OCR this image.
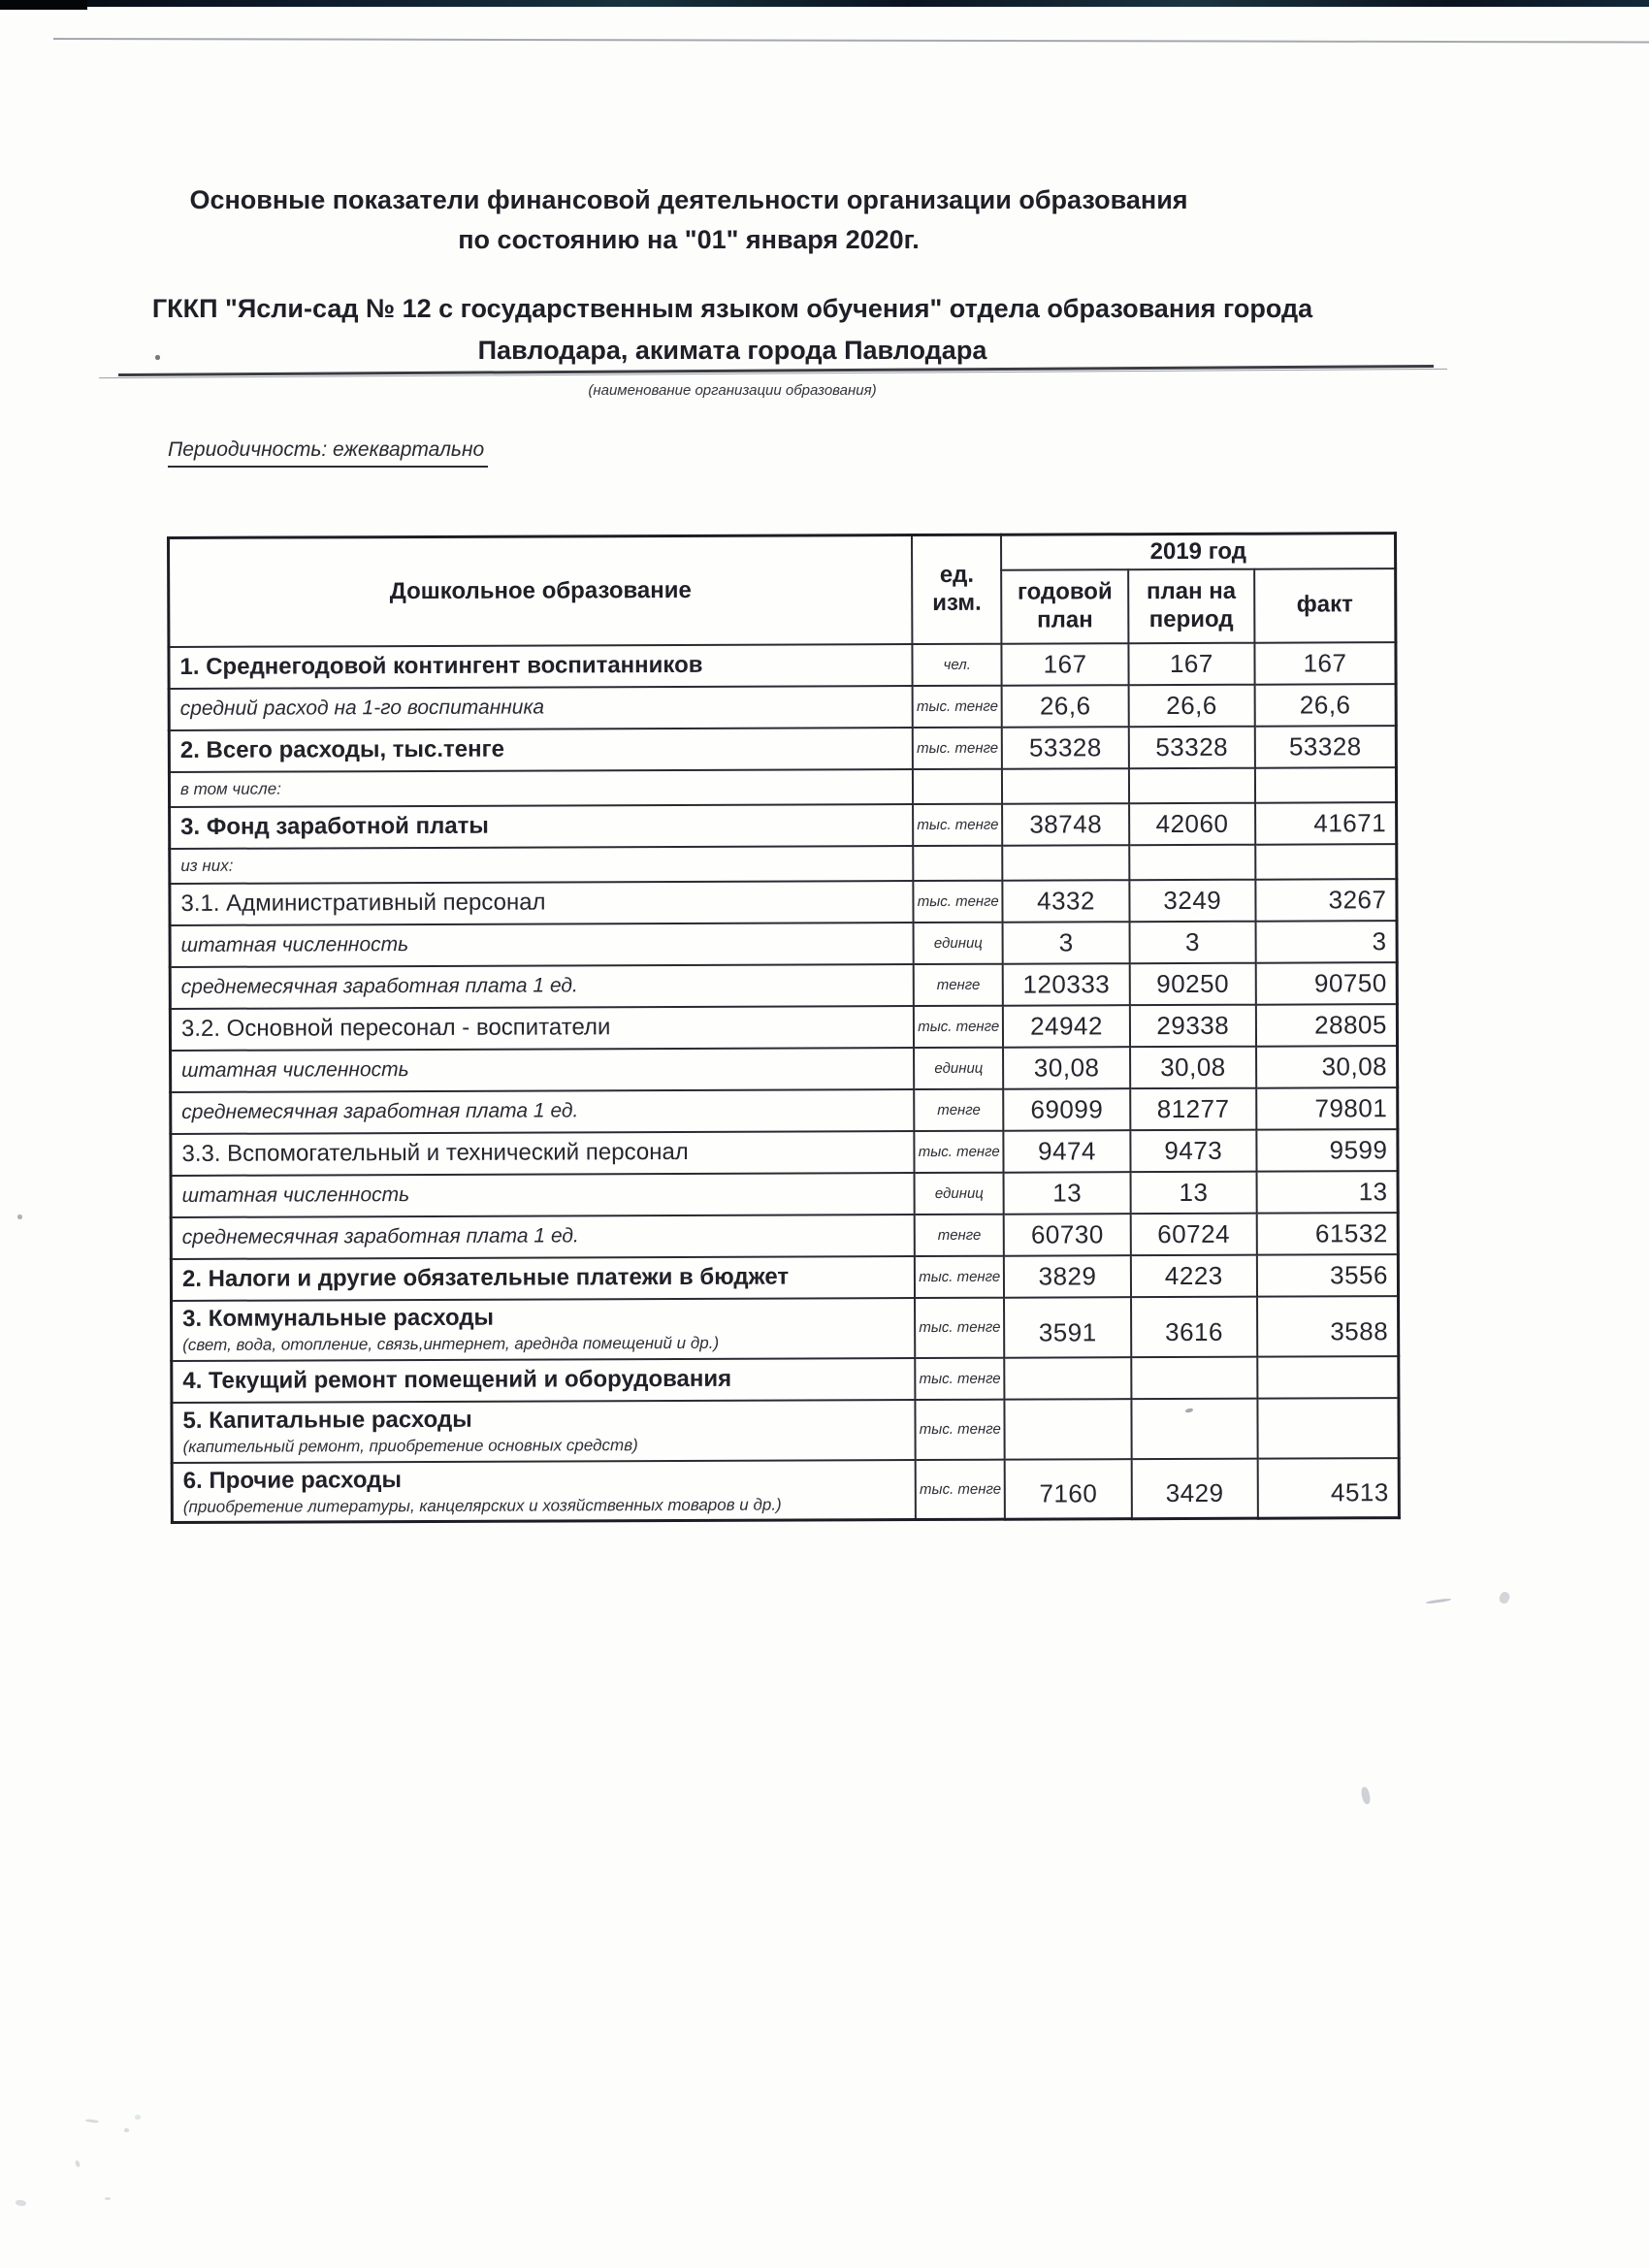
Основные показатели финансовой деятельности организации образования
по состоянию на "01" января 2020г.
ГККП "Ясли-сад № 12 с государственным языком обучения" отдела образования города
Павлодара, акимата города Павлодара
(наименование организации образования)
Периодичность: ежеквартально
Дошкольное образование	ед. изм.	2019 год		
		годовой план	план на период	факт

1. Среднегодовой контингент воспитанников	чел.	167	167	167

средний расход на 1-го воспитанника	тыс. тенге	26,6	26,6	26,6

2. Всего расходы, тыс.тенге	тыс. тенге	53328	53328	53328

в том числе:				

3. Фонд заработной платы	тыс. тенге	38748	42060	41671

из них:				

3.1. Административный персонал	тыс. тенге	4332	3249	3267

штатная численность	единиц	3	3	3

среднемесячная заработная плата 1 ед.	тенге	120333	90250	90750

3.2. Основной пересонал - воспитатели	тыс. тенге	24942	29338	28805

штатная численность	единиц	30,08	30,08	30,08

среднемесячная заработная плата 1 ед.	тенге	69099	81277	79801

3.3. Вспомогательный и технический персонал	тыс. тенге	9474	9473	9599

штатная численность	единиц	13	13	13

среднемесячная заработная плата 1 ед.	тенге	60730	60724	61532

2. Налоги и другие обязательные платежи в бюджет	тыс. тенге	3829	4223	3556

3. Коммунальные расходы
(свет, вода, отопление, связь,интернет, ареднда помещений и др.)	тыс. тенге	3591	3616	3588

4. Текущий ремонт помещений и оборудования	тыс. тенге			

5. Капитальные расходы
(капительный ремонт, приобретение основных средств)	тыс. тенге			

6. Прочие расходы
(приобретение литературы, канцелярских и хозяйственных товаров и др.)	тыс. тенге	7160	3429	4513
